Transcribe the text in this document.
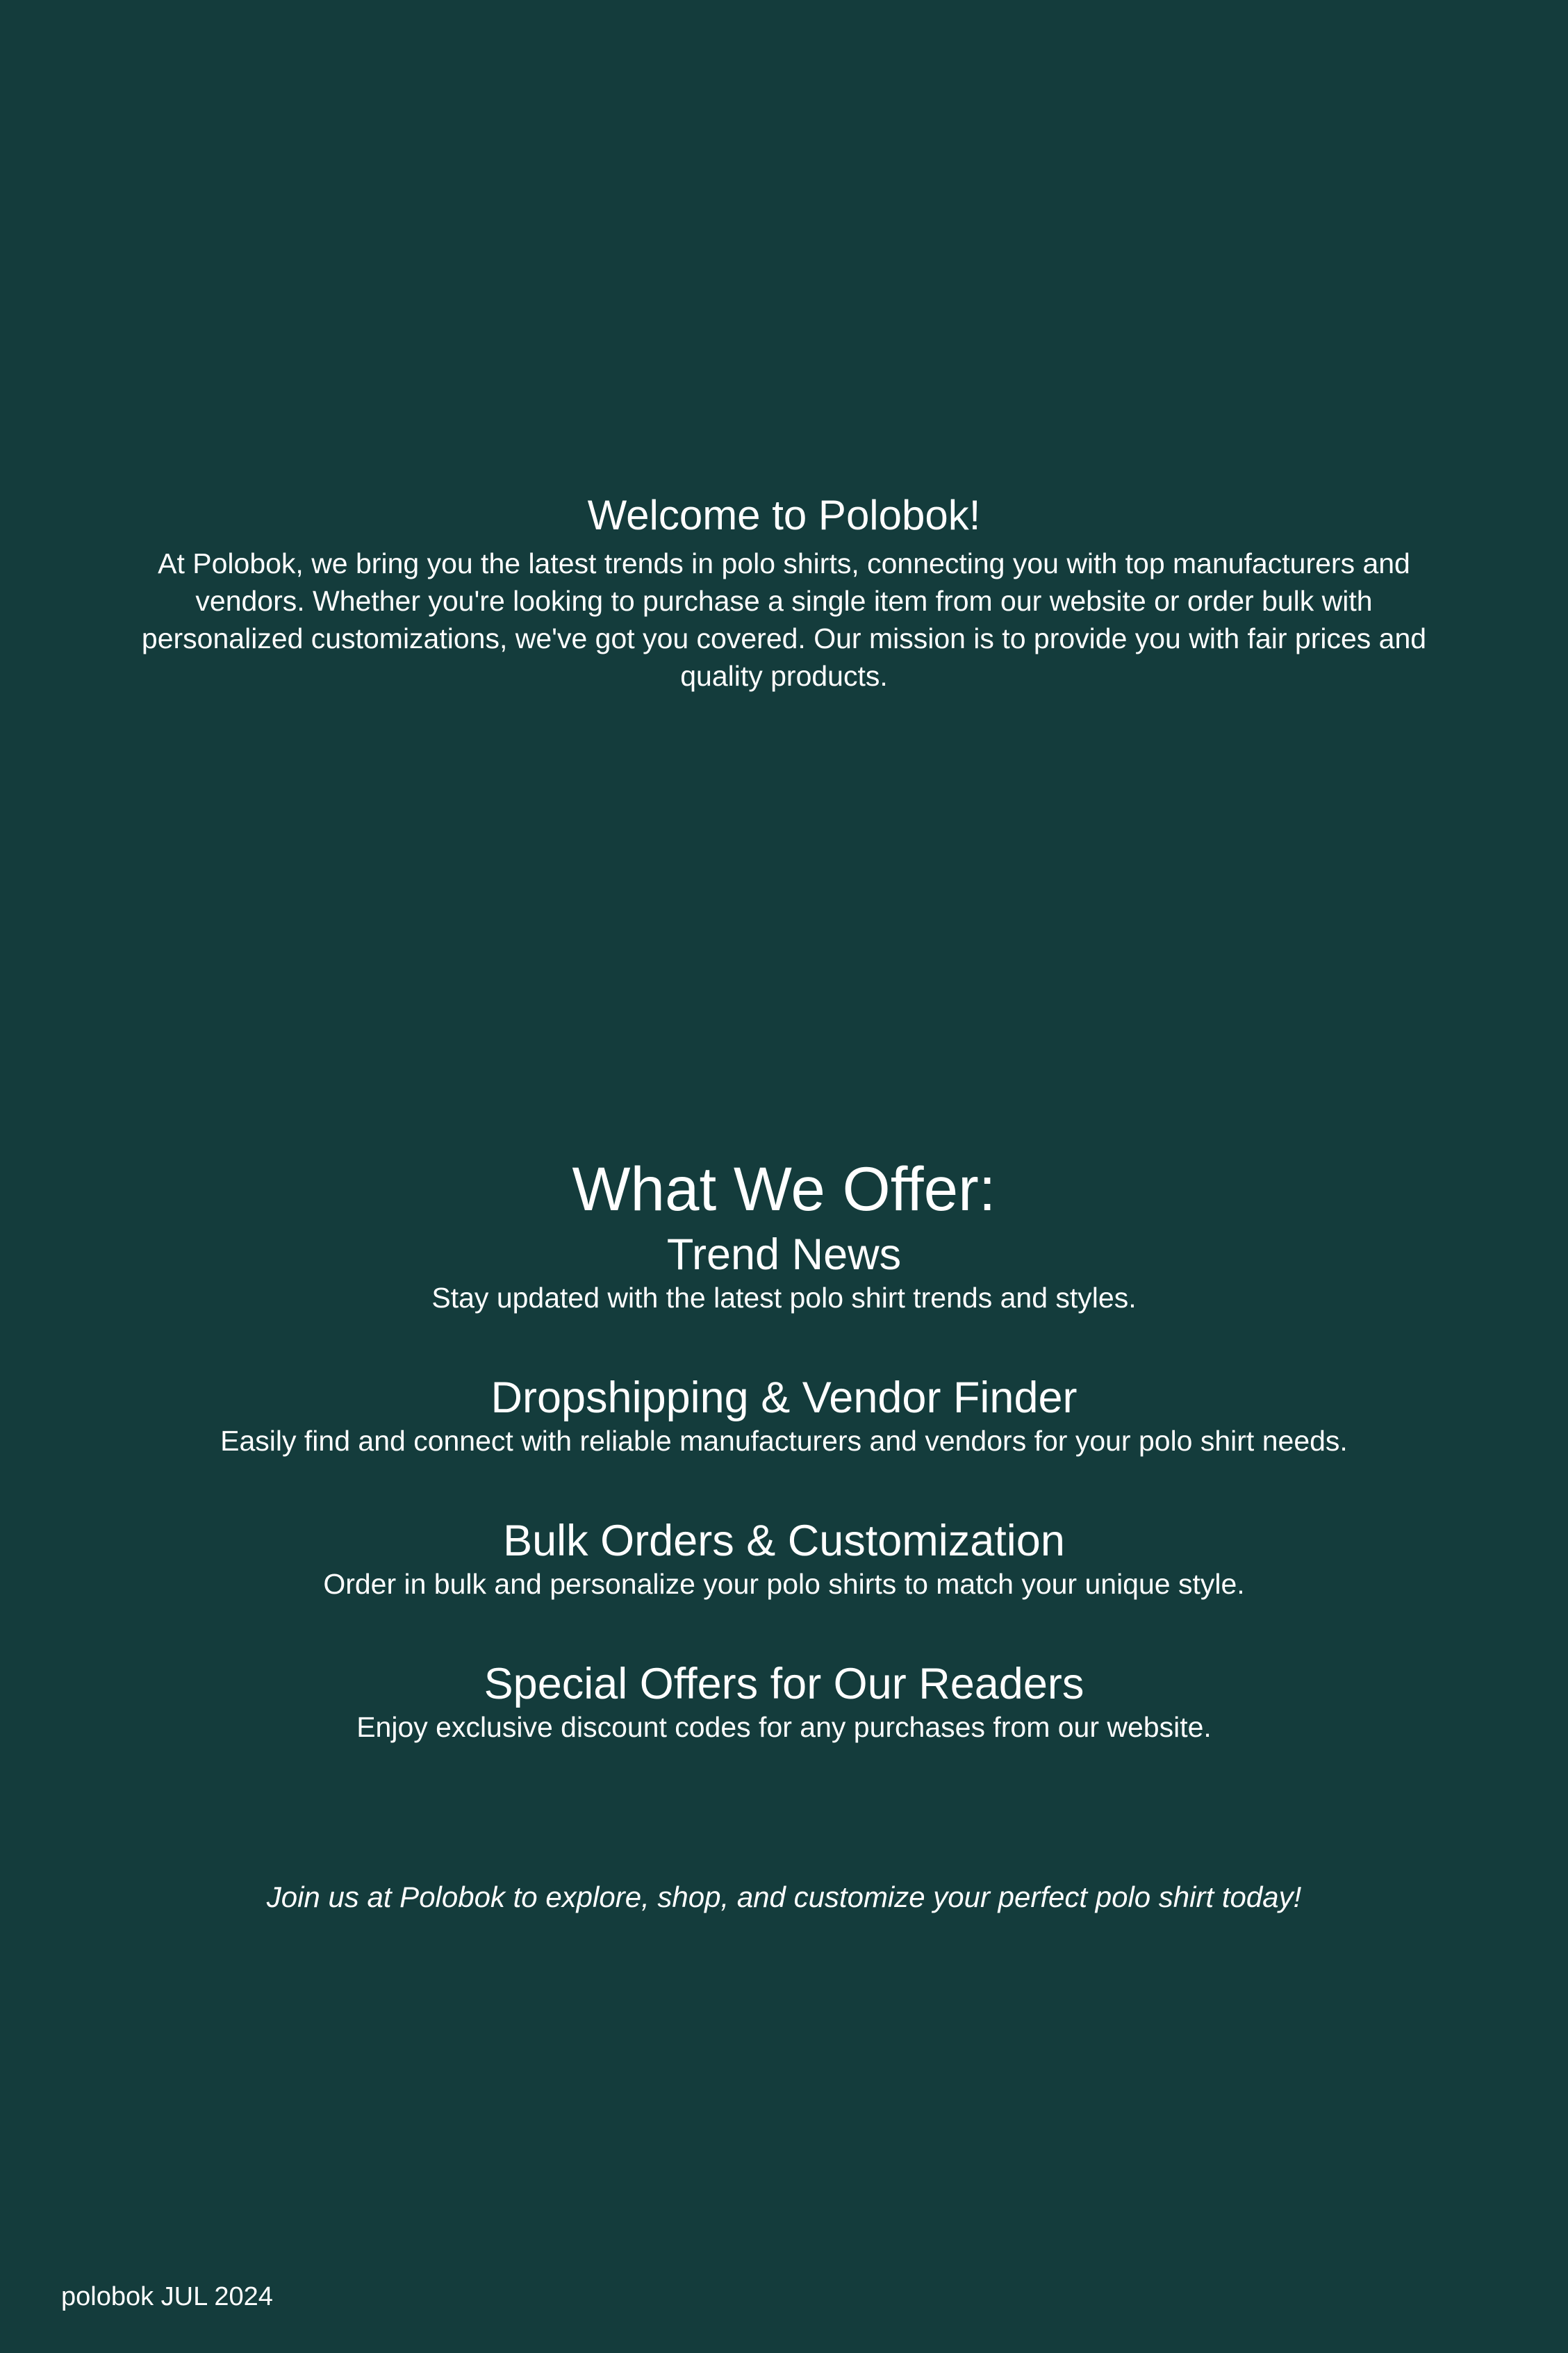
Welcome to Polobok!

At Polobok, we bring you the latest trends in polo shirts, connecting you with top manufacturers and vendors. Whether you're looking to purchase a single item from our website or order bulk with personalized customizations, we've got you covered. Our mission is to provide you with fair prices and quality products.

What We Offer:
Trend News

Stay updated with the latest polo shirt trends and styles.

Dropshipping & Vendor Finder

Easily find and connect with reliable manufacturers and vendors for your polo shirt needs.

Bulk Orders & Customization

Order in bulk and personalize your polo shirts to match your unique style.

Special Offers for Our Readers

Enjoy exclusive discount codes for any purchases from our website.

Join us at Polobok to explore, shop, and customize your perfect polo shirt today!

polobok JUL 2024
